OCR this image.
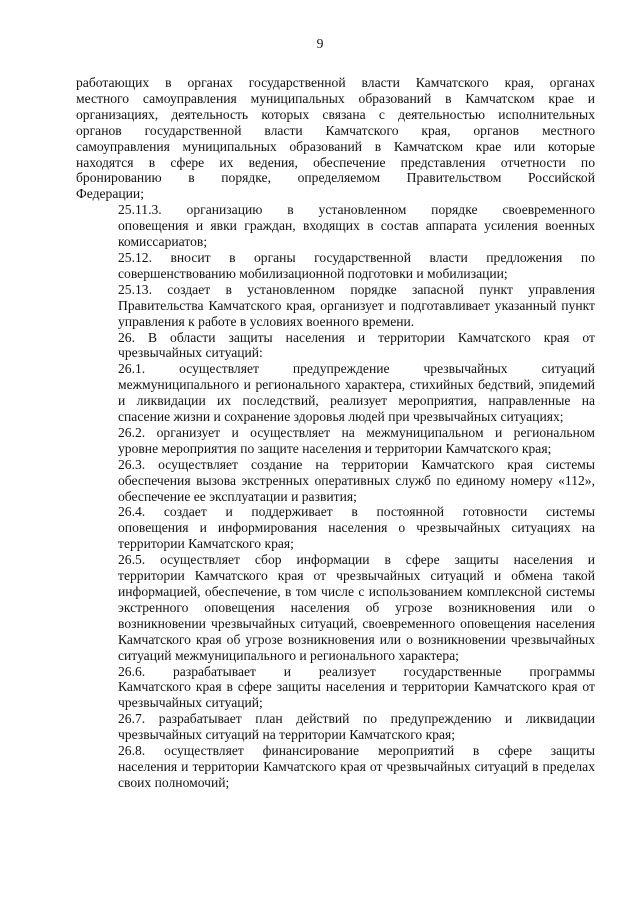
9
работающих в органах государственной власти Камчатского края, органах
местного самоуправления муниципальных образований в Камчатском крае и
организациях, деятельность которых связана с деятельностью исполнительных
органов государственной власти Камчатского края, органов местного
самоуправления муниципальных образований в Камчатском крае или которые
находятся в сфере их ведения, обеспечение представления отчетности по
бронированию в порядке, определяемом Правительством Российской
Федерации;
25.11.3. организацию в установленном порядке своевременного
оповещения и явки граждан, входящих в состав аппарата усиления военных
комиссариатов;
25.12. вносит в органы государственной власти предложения по
совершенствованию мобилизационной подготовки и мобилизации;
25.13. создает в установленном порядке запасной пункт управления
Правительства Камчатского края, организует и подготавливает указанный пункт
управления к работе в условиях военного времени.
26. В области защиты населения и территории Камчатского края от
чрезвычайных ситуаций:
26.1. осуществляет предупреждение чрезвычайных ситуаций
межмуниципального и регионального характера, стихийных бедствий, эпидемий
и ликвидации их последствий, реализует мероприятия, направленные на
спасение жизни и сохранение здоровья людей при чрезвычайных ситуациях;
26.2. организует и осуществляет на межмуниципальном и региональном
уровне мероприятия по защите населения и территории Камчатского края;
26.3. осуществляет создание на территории Камчатского края системы
обеспечения вызова экстренных оперативных служб по единому номеру «112»,
обеспечение ее эксплуатации и развития;
26.4. создает и поддерживает в постоянной готовности системы
оповещения и информирования населения о чрезвычайных ситуациях на
территории Камчатского края;
26.5. осуществляет сбор информации в сфере защиты населения и
территории Камчатского края от чрезвычайных ситуаций и обмена такой
информацией, обеспечение, в том числе с использованием комплексной системы
экстренного оповещения населения об угрозе возникновения или о
возникновении чрезвычайных ситуаций, своевременного оповещения населения
Камчатского края об угрозе возникновения или о возникновении чрезвычайных
ситуаций межмуниципального и регионального характера;
26.6. разрабатывает и реализует государственные программы
Камчатского края в сфере защиты населения и территории Камчатского края от
чрезвычайных ситуаций;
26.7. разрабатывает план действий по предупреждению и ликвидации
чрезвычайных ситуаций на территории Камчатского края;
26.8. осуществляет финансирование мероприятий в сфере защиты
населения и территории Камчатского края от чрезвычайных ситуаций в пределах
своих полномочий;
